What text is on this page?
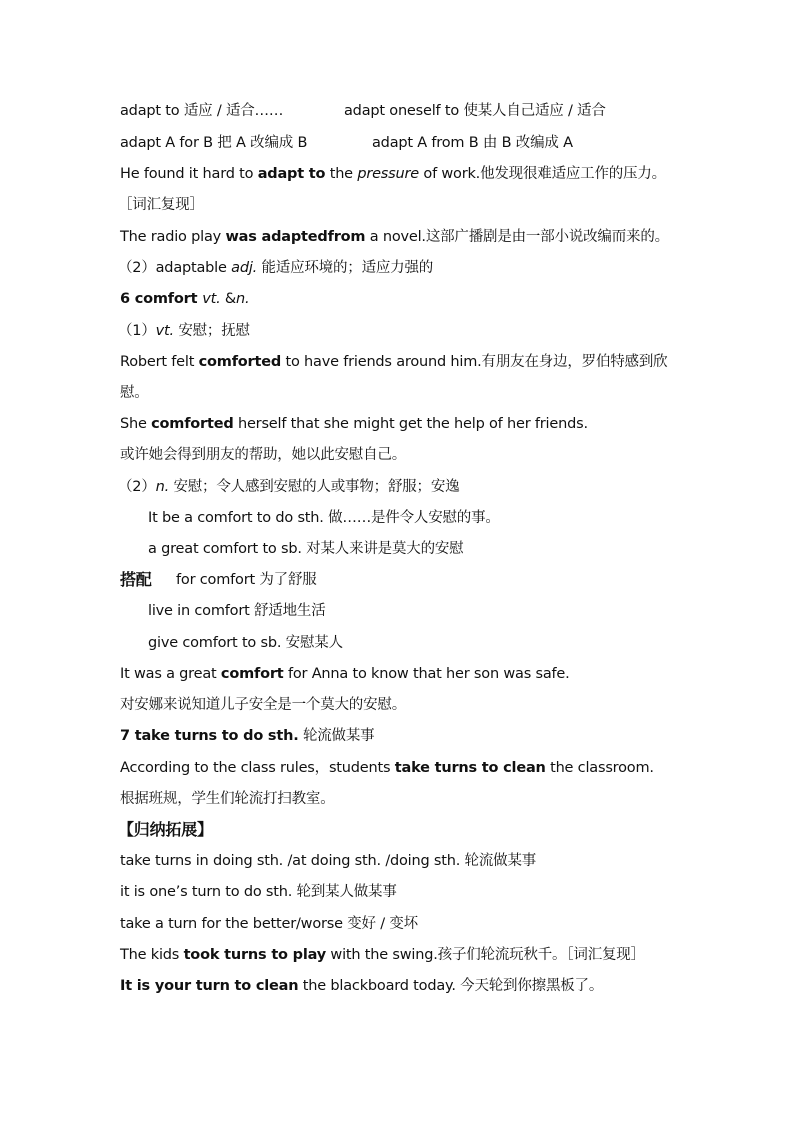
adapt to 适应 / 适合……	adapt oneself to 使某人自己适应 / 适合
adapt A for B 把 A 改编成 B	adapt A from B 由 B 改编成 A
He found it hard to adapt to the pressure of work.他发现很难适应工作的压力。
［词汇复现］
The radio play was adaptedfrom a novel.这部广播剧是由一部小说改编而来的。
（2）adaptable adj. 能适应环境的；适应力强的
6 comfort vt. &n.
（1）vt. 安慰；抚慰
Robert felt comforted to have friends around him.有朋友在身边，罗伯特感到欣
慰。
She comforted herself that she might get the help of her friends.
或许她会得到朋友的帮助，她以此安慰自己。
（2）n. 安慰；令人感到安慰的人或事物；舒服；安逸
It be a comfort to do sth. 做……是件令人安慰的事。
a great comfort to sb. 对某人来讲是莫大的安慰
搭配 for comfort 为了舒服
live in comfort 舒适地生活
give comfort to sb. 安慰某人
It was a great comfort for Anna to know that her son was safe.
对安娜来说知道儿子安全是一个莫大的安慰。
7 take turns to do sth. 轮流做某事
According to the class rules，students take turns to clean the classroom.
根据班规，学生们轮流打扫教室。
【归纳拓展】
take turns in doing sth. /at doing sth. /doing sth. 轮流做某事
it is one’s turn to do sth. 轮到某人做某事
take a turn for the better/worse 变好 / 变坏
The kids took turns to play with the swing.孩子们轮流玩秋千。［词汇复现］
It is your turn to clean the blackboard today. 今天轮到你擦黑板了。
